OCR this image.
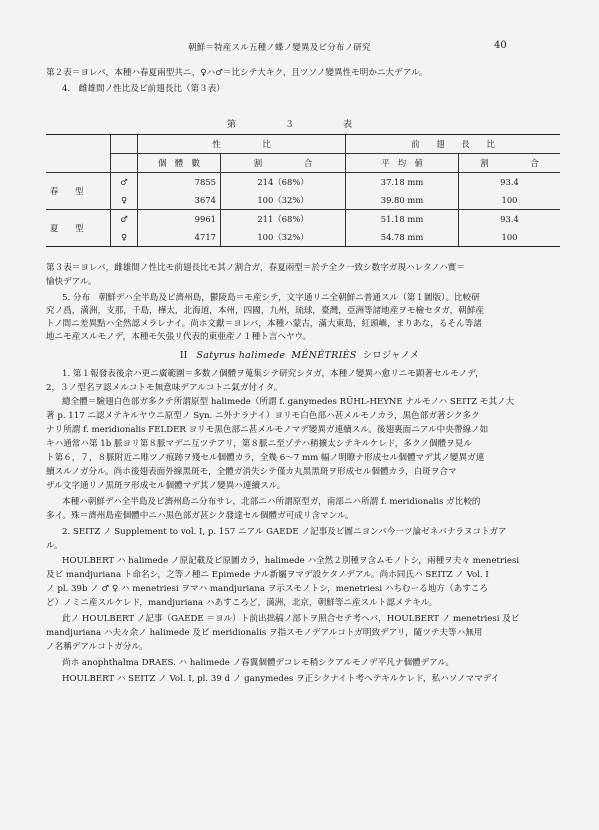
朝鮮＝特産スル五種ノ蝶ノ變異及ビ分布ノ研究	40
第２表＝ヨレバ，本種ハ春夏兩型共ニ，♀ハ♂＝比シテ大キク，且ツソノ變異性モ明かニ大デアル。
4.　雌雄間ノ性比及ビ前翅長比（第３表）
第　３　表
		性　　　　　比		前　　翅　　長　　比	
		個　體　數	割　　　　　合	平　均　値	割　　　　　合
春　　型	♂	7855	214（68%）	37.18 mm	93.4
	♀	3674	100（32%）	39.80 mm	100
夏　　型	♂	9961	211（68%）	51.18 mm	93.4
	♀	4717	100（32%）	54.78 mm	100
第３表＝ヨレバ，雌雄間ノ性比モ前翅長比モ其ノ割合ガ，春夏兩型＝於テ全ク一致シ数字ガ現ハレタノハ實＝
愉快デアル。
5. 分布　朝鮮デハ全半島及ビ濟州島，鬱陵島＝モ産シテ，文字通リニ全朝鮮ニ普通スル（第１圖版）。比較研
究ノ爲，満洲，支那，千島，樺太，北海道，本州，四國，九州，琉球，臺灣，亞洲等諸地産ヲモ檢セタガ，朝鮮産
トノ間ニ差異點ハ全然認メラレナイ。尚ホ文獻＝ヨレバ，本種ハ蒙古，滿大東島，紅頭嶼，まりあな，るそん等諸
地ニモ産スルモノデ，本種モ矢張リ代表的東亜產ノ１種ト言ヘヤウ。
II Satyrus halimede MÉNÉTRIÈS シロジャノメ
1. 第１報發表後余ハ更ニ廣範圍＝多数ノ個體ヲ蒐集シテ研究シタガ，本種ノ變異ハ愈リニモ顕著セルモノデ，
2，３ノ型名ヲ認メルコトモ無意味デアルコトニ氣ガ付イタ。
總全體＝驗翅白色部ガ多クテ所謂原型 halimede（所謂 f. ganymedes RÜHL-HEYNE ナルモノハ SEITZ モ其ノ大
著 p. 117 ニ認メテキルヤウニ原型ノ Syn. ニ外ナラナイ）ヨリモ白色部ハ甚メルモノカラ，黒色部ガ著シク多ク
ナリ所謂 f. meridionalis FELDER ヨリモ黒色部ニ甚メルモノマデ變異ガ連續スル。後翅裏面ニアル中央帶線ノ如
キハ通常ハ第 1b 脈ヨリ第８脈マデニ互ツテアリ，第８脈ニ至ゾテハ稍擴太シテキルケレド，多クノ個體ヲ見ル
ト第６，７，８脈附近ニ唯ツノ痕跡ヲ殘セル個體カラ，全幾 6〜7 mm 幅ノ明瞭ナ形成セル個體マデ其ノ變異ガ連
續スルノガ分ル。尚ホ後翅表面外線黑斑モ，全體ガ消失シテ僅カ丸黑黑斑ヲ形成セル個體カラ，白斑ヲ合マ
ザル文字通リノ黒斑ヲ形成セル個體マデ其ノ變異ハ連續スル。
本種ハ朝鮮デハ全半島及ビ濟州島ニ分布サレ，北部ニハ所謂原型ガ，南部ニハ所謂 f. meridionalis ガ比較的
多イ。殊＝濟州島産個體中ニハ黒色部ガ甚シク發達セル個體ガ可成リ含マンル。
2. SEITZ ノ Supplement to vol. I, p. 157 ニアル GAEDE ノ記事及ビ圖ニヨンバ今一ツ論ゼネバナラヌコトガア
ル。
HOULBERT ハ halimede ノ原記載及ビ原圖カラ，halimede ハ全然２別種ヲ含ムモノトシ，兩種ヲ夫々 menetriesi
及ビ mandjuriana ト命名シ，之等ノ種ニ Epimede ナル新屬ヲマデ設ケタノデアル。尚ホ同氏ハ SEITZ ノ Vol. I
ノ pl. 39b ノ ♂ ♀ ハ menetriesi ヲマハ mandjuriana ヲ示スモノトシ，menetriesi ハちむーる地方（あすころ
ど）ノミニ産スルケレド，mandjuriana ハあすころど，満洲，北京，朝鮮等ニ産スルト認メテキル。
此ノ HOULBERT ノ記事（GAEDE ＝ヨル）ト前出拙稿ノ部トヲ照合セテ考ヘバ，HOULBERT ノ menetriesi 及ビ
mandjuriana ハ夫々余ノ halimede 及ビ meridionalis ヲ指スモノデアルコトガ明致デアリ，隨ツテ夫等ハ無用
ノ名稱デアルコトガ分ル。
尚ホ anophthalma DRAES. ハ halimede ノ春翼個體デコレモ稍シクアルモノデ平凡ナ個體デアル。
HOULBERT ハ SEITZ ノ Vol. I, pl. 39 d ノ ganymedes ヲ正シクナイト考ヘテキルケレド，私ハソノママデイ
